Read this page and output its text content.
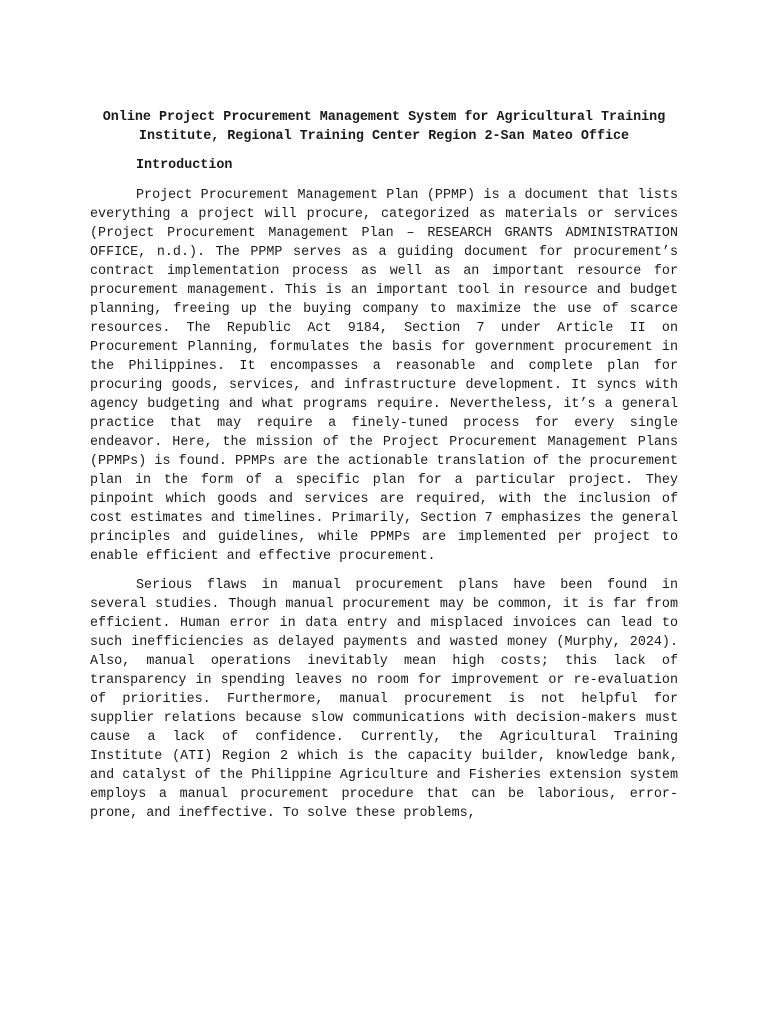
Online Project Procurement Management System for Agricultural Training Institute, Regional Training Center Region 2-San Mateo Office
Introduction

Project Procurement Management Plan (PPMP) is a document that lists everything a project will procure, categorized as materials or services (Project Procurement Management Plan – RESEARCH GRANTS ADMINISTRATION OFFICE, n.d.). The PPMP serves as a guiding document for procurement’s contract implementation process as well as an important resource for procurement management. This is an important tool in resource and budget planning, freeing up the buying company to maximize the use of scarce resources. The Republic Act 9184, Section 7 under Article II on Procurement Planning, formulates the basis for government procurement in the Philippines. It encompasses a reasonable and complete plan for procuring goods, services, and infrastructure development. It syncs with agency budgeting and what programs require. Nevertheless, it’s a general practice that may require a finely-tuned process for every single endeavor. Here, the mission of the Project Procurement Management Plans (PPMPs) is found. PPMPs are the actionable translation of the procurement plan in the form of a specific plan for a particular project. They pinpoint which goods and services are required, with the inclusion of cost estimates and timelines. Primarily, Section 7 emphasizes the general principles and guidelines, while PPMPs are implemented per project to enable efficient and effective procurement.

Serious flaws in manual procurement plans have been found in several studies. Though manual procurement may be common, it is far from efficient. Human error in data entry and misplaced invoices can lead to such inefficiencies as delayed payments and wasted money (Murphy, 2024). Also, manual operations inevitably mean high costs; this lack of transparency in spending leaves no room for improvement or re-evaluation of priorities. Furthermore, manual procurement is not helpful for supplier relations because slow communications with decision-makers must cause a lack of confidence. Currently, the Agricultural Training Institute (ATI) Region 2 which is the capacity builder, knowledge bank, and catalyst of the Philippine Agriculture and Fisheries extension system employs a manual procurement procedure that can be laborious, error-prone, and ineffective. To solve these problems,
